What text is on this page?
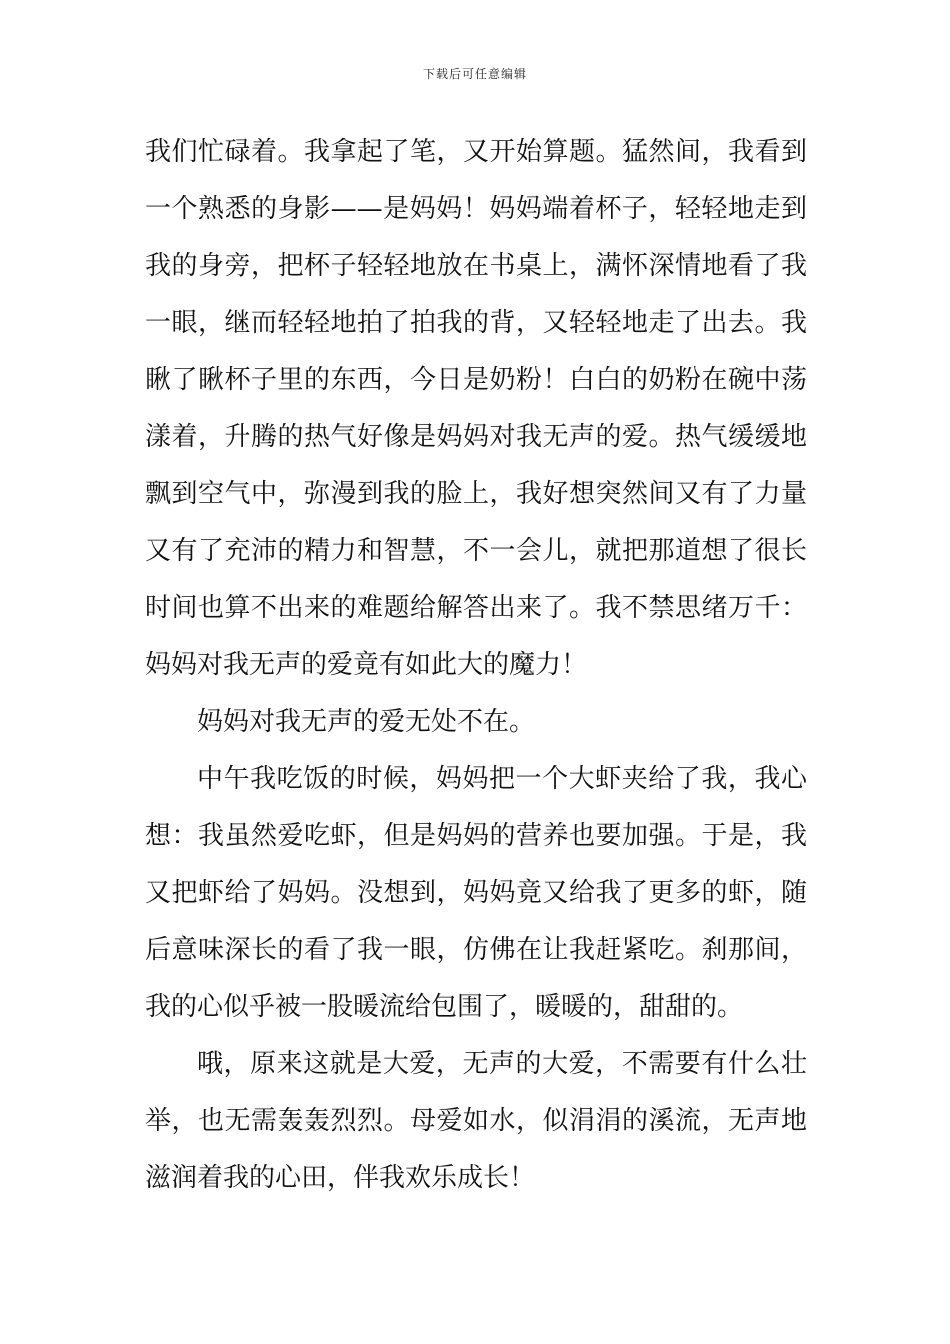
下载后可任意编辑
我们忙碌着。我拿起了笔，又开始算题。猛然间，我看到
一个熟悉的身影——是妈妈！妈妈端着杯子，轻轻地走到
我的身旁，把杯子轻轻地放在书桌上，满怀深情地看了我
一眼，继而轻轻地拍了拍我的背，又轻轻地走了出去。我
瞅了瞅杯子里的东西，今日是奶粉！白白的奶粉在碗中荡
漾着，升腾的热气好像是妈妈对我无声的爱。热气缓缓地
飘到空气中，弥漫到我的脸上，我好想突然间又有了力量
又有了充沛的精力和智慧，不一会儿，就把那道想了很长
时间也算不出来的难题给解答出来了。我不禁思绪万千：
妈妈对我无声的爱竟有如此大的魔力！
妈妈对我无声的爱无处不在。
中午我吃饭的时候，妈妈把一个大虾夹给了我，我心
想：我虽然爱吃虾，但是妈妈的营养也要加强。于是，我
又把虾给了妈妈。没想到，妈妈竟又给我了更多的虾，随
后意味深长的看了我一眼，仿佛在让我赶紧吃。刹那间，
我的心似乎被一股暖流给包围了，暖暖的，甜甜的。
哦，原来这就是大爱，无声的大爱，不需要有什么壮
举，也无需轰轰烈烈。母爱如水，似涓涓的溪流，无声地
滋润着我的心田，伴我欢乐成长！
